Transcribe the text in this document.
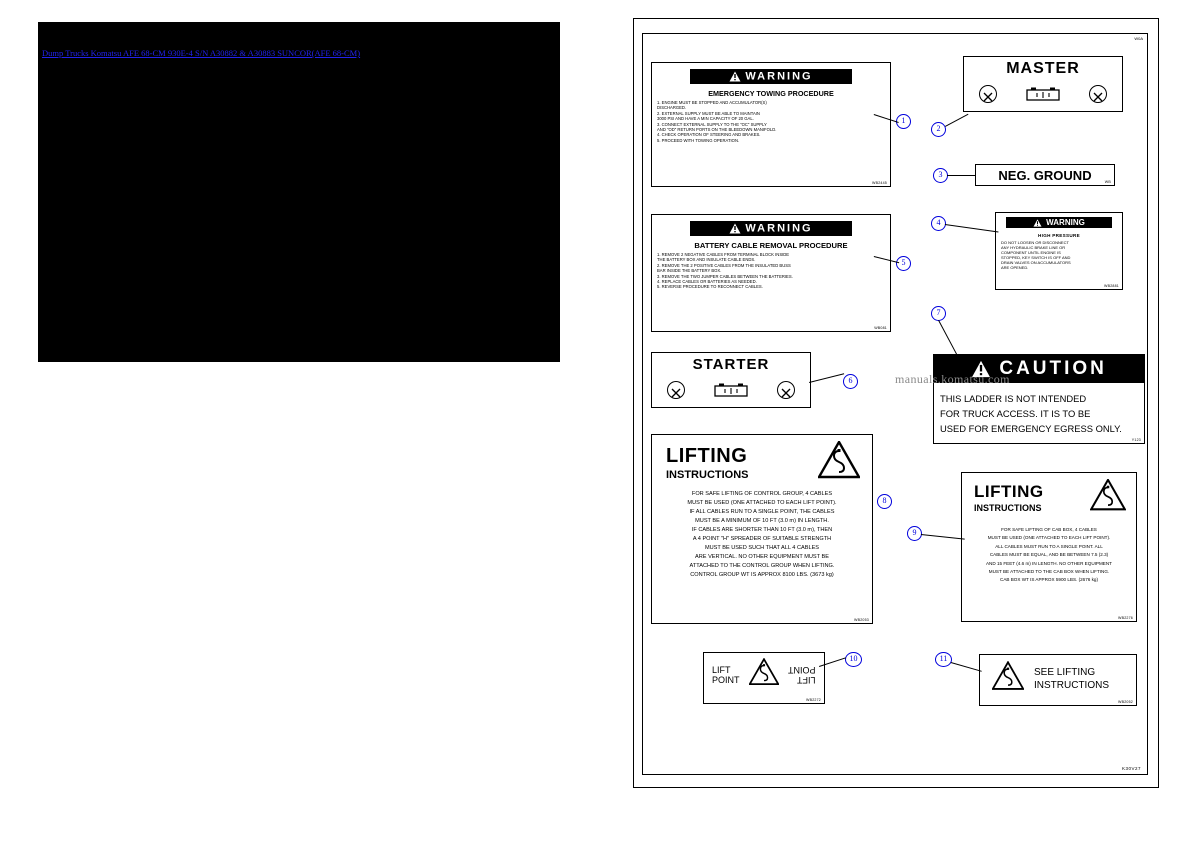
Dump Trucks Komatsu AFE 68-CM 930E-4 S/N A30882 & A30883 SUNCOR(AFE 68-CM)
W0A
K30V27
WARNING
EMERGENCY TOWING PROCEDURE
1. ENGINE MUST BE STOPPED AND ACCUMULATOR(S)
DISCHARGED.
2. EXTERNAL SUPPLY MUST BE ABLE TO MAINTAIN
3000 PSI AND HAVE A MIN CAPACITY OF 20 GAL.
3. CONNECT EXTERNAL SUPPLY TO THE "OC" SUPPLY
AND "OD" RETURN PORTS ON THE BLEEDOWN MANIFOLD.
4. CHECK OPERATION OF STEERING AND BRAKES.
5. PROCEED WITH TOWING OPERATION.
WB2445
1
MASTER
2
NEG. GROUND	WB
3
WARNING
HIGH PRESSURE
DO NOT LOOSEN OR DISCONNECT
ANY HYDRAULIC BRAKE LINE OR
COMPONENT UNTIL ENGINE IS
STOPPED, KEY SWITCH IS OFF AND
DRAIN VALVES ON ACCUMULATORS
ARE OPENED.
WB2881
4
WARNING
BATTERY CABLE REMOVAL PROCEDURE
1. REMOVE 2 NEGATIVE CABLES FROM TERMINAL BLOCK INSIDE
THE BATTERY BOX AND INSULATE CABLE ENDS.
2. REMOVE THE 2 POSITIVE CABLES FROM THE INSULATED BUSS
BAR INSIDE THE BATTERY BOX.
3. REMOVE THE TWO JUMPER CABLES BETWEEN THE BATTERIES.
4. REPLACE CABLES OR BATTERIES AS NEEDED.
5. REVERSE PROCEDURE TO RECONNECT CABLES.
WB081
5
STARTER
6
CAUTION
THIS LADDER IS NOT INTENDED
FOR TRUCK ACCESS. IT IS TO BE
USED FOR EMERGENCY EGRESS ONLY.
Y123
7
LIFTING
INSTRUCTIONS
FOR SAFE LIFTING OF CONTROL GROUP, 4 CABLES
MUST BE USED (ONE ATTACHED TO EACH LIFT POINT).
IF ALL CABLES RUN TO A SINGLE POINT, THE CABLES
MUST BE A MINIMUM OF 10 FT (3.0 m) IN LENGTH.
IF CABLES ARE SHORTER THAN 10 FT (3.0 m), THEN
A 4 POINT "H" SPREADER OF SUITABLE STRENGTH
MUST BE USED SUCH THAT ALL 4 CABLES
ARE VERTICAL. NO OTHER EQUIPMENT MUST BE
ATTACHED TO THE CONTROL GROUP WHEN LIFTING.
CONTROL GROUP WT IS APPROX 8100 LBS. (3673 kg)
WB2053
8	LIFTING
INSTRUCTIONS
FOR SAFE LIFTING OF CAB BOX, 4 CABLES
MUST BE USED (ONE ATTACHED TO EACH LIFT POINT).
ALL CABLES MUST RUN TO A SINGLE POINT. ALL
CABLES MUST BE EQUAL, AND BE BETWEEN 7.5 (2.3)
AND 15 FEET (4.6 m) IN LENGTH. NO OTHER EQUIPMENT
MUST BE ATTACHED TO THE CAB BOX WHEN LIFTING.
CAB BOX WT IS APPROX 5900 LBS. (2676 kg)
WB2276
9
LIFT
POINT	LIFT
POINT
WB2272
10
SEE LIFTING INSTRUCTIONS
WB2052
11
manuals.komatsu.com
